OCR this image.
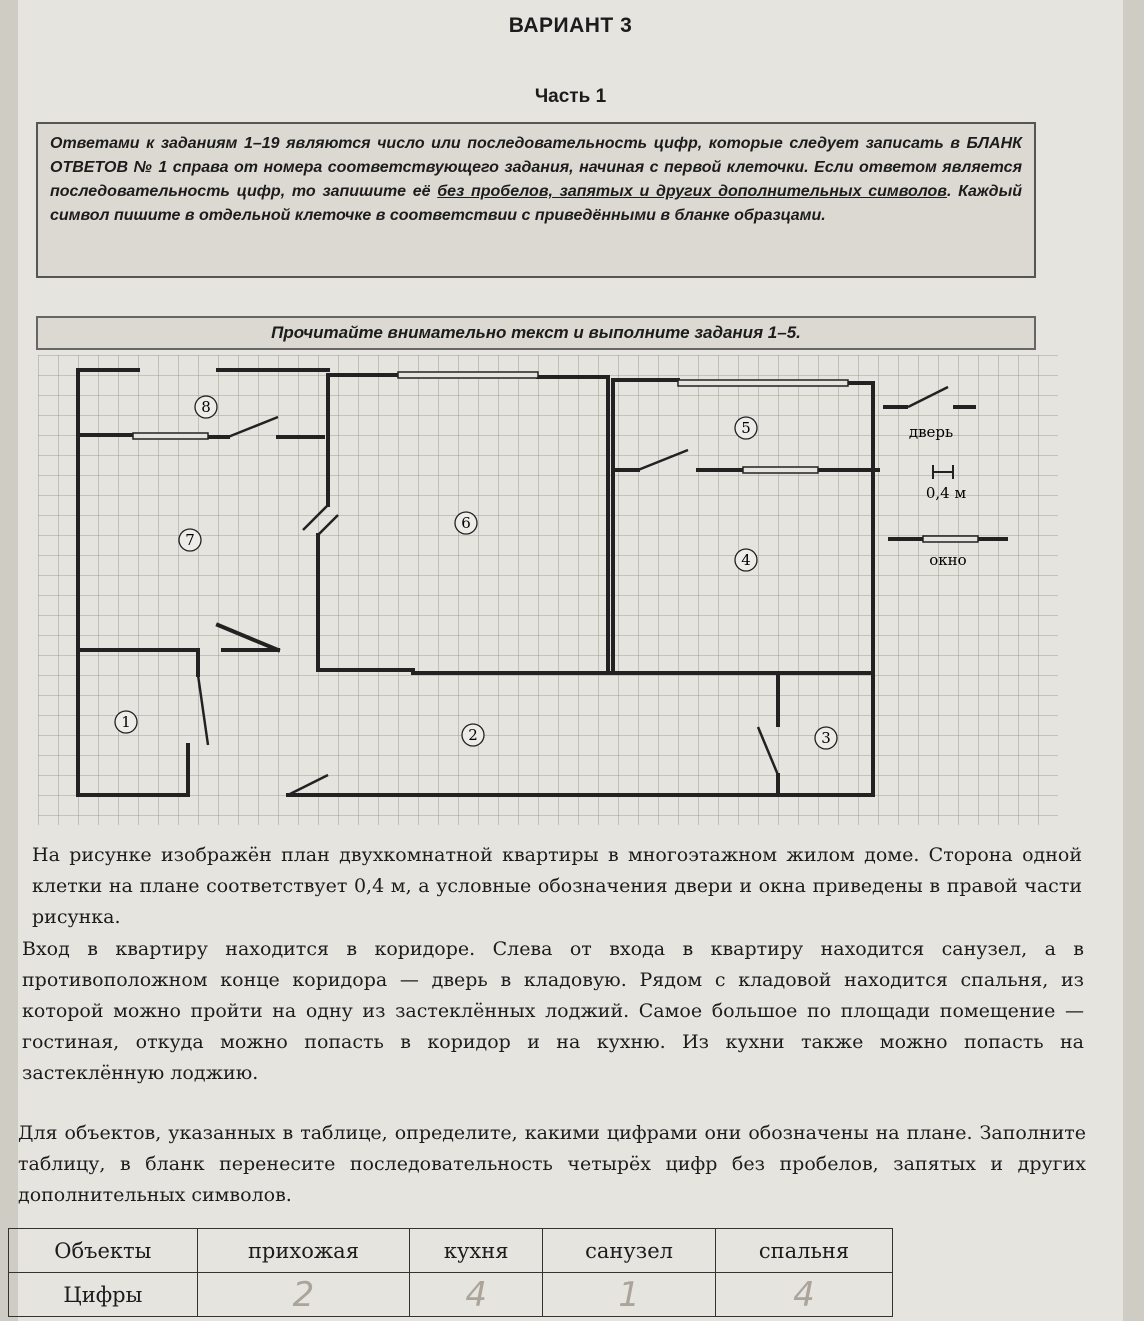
ВАРИАНТ 3
Часть 1
Ответами к заданиям 1–19 являются число или последовательность цифр, которые следует записать в БЛАНК ОТВЕТОВ № 1 справа от номера соответствующего задания, начиная с первой клеточки. Если ответом является последовательность цифр, то запишите её без пробелов, запятых и других дополнительных символов. Каждый символ пишите в отдельной клеточке в соответствии с приведёнными в бланке образцами.
Прочитайте внимательно текст и выполните задания 1–5.
8
7
6
5
4
1
2	3
дверь
0,4 м
окно
На рисунке изображён план двухкомнатной квартиры в многоэтажном жилом доме. Сторона одной клетки на плане соответствует 0,4 м, а условные обозначения двери и окна приведены в правой части рисунка.
Вход в квартиру находится в коридоре. Слева от входа в квартиру находится санузел, а в противоположном конце коридора — дверь в кладовую. Рядом с кладовой находится спальня, из которой можно пройти на одну из застеклённых лоджий. Самое большое по площади помещение — гостиная, откуда можно попасть в коридор и на кухню. Из кухни также можно попасть на застеклённую лоджию.
Для объектов, указанных в таблице, определите, какими цифрами они обозначены на плане. Заполните таблицу, в бланк перенесите последовательность четырёх цифр без пробелов, запятых и других дополнительных символов.
Объекты	прихожая	кухня	санузел	спальня
Цифры	2	4	1	4
